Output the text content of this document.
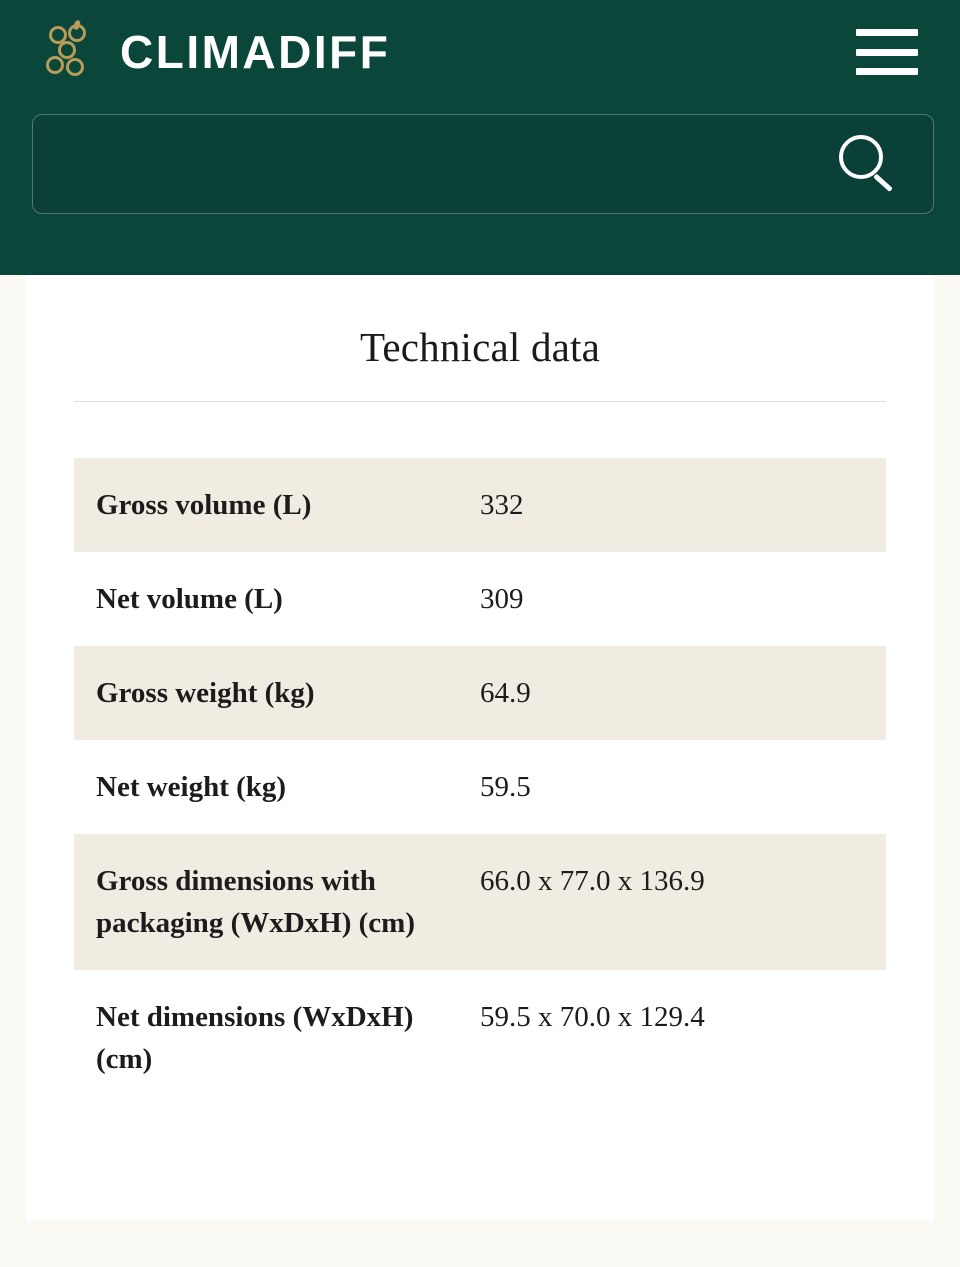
CLIMADIFF
Technical data
Gross volume (L)	332
Net volume (L)	309
Gross weight (kg)	64.9
Net weight (kg)	59.5
Gross dimensions with packaging (WxDxH) (cm)	66.0 x 77.0 x 136.9
Net dimensions (WxDxH) (cm)	59.5 x 70.0 x 129.4
